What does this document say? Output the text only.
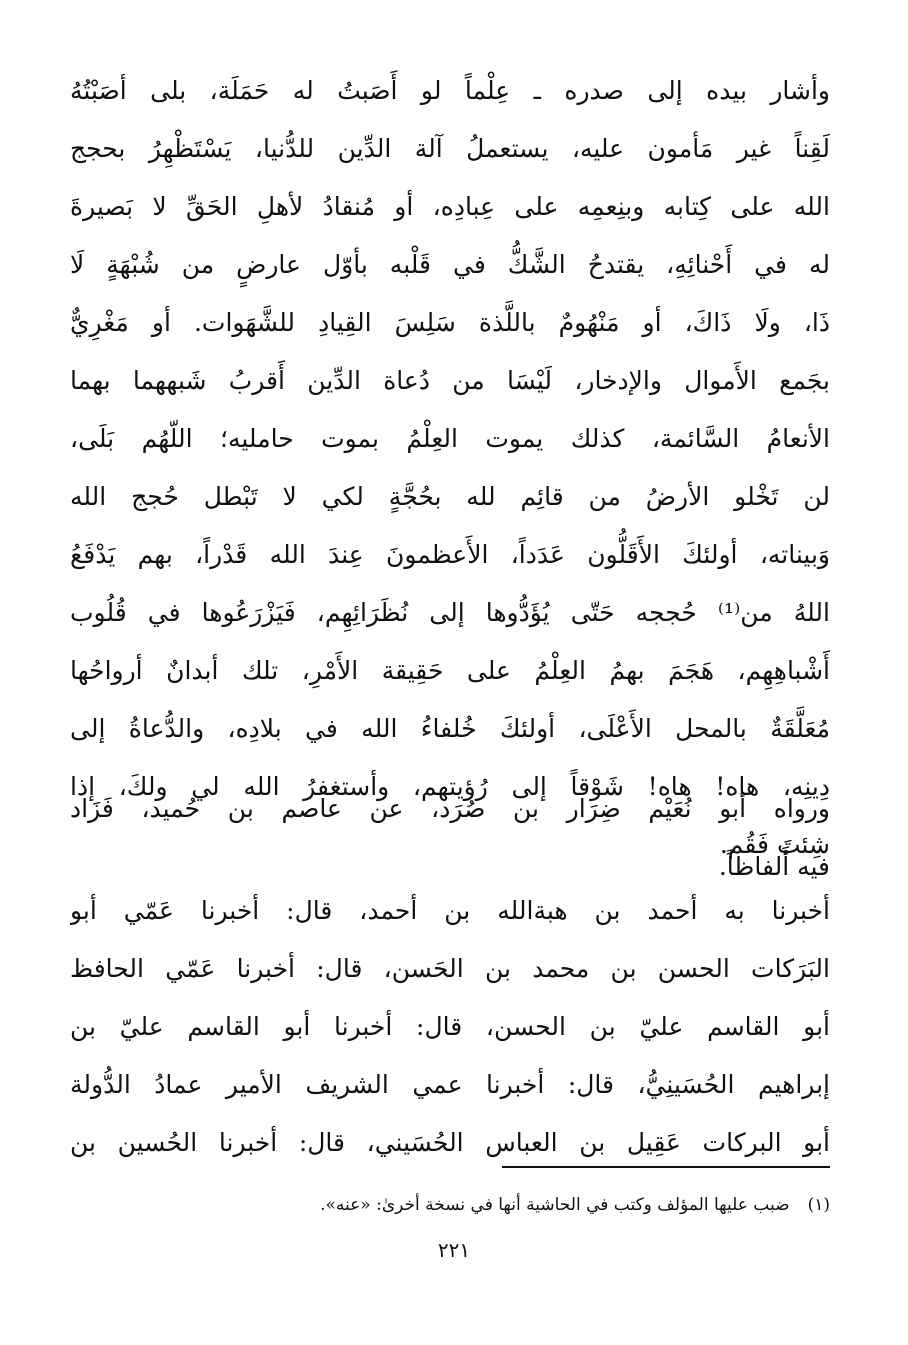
وأشار بيده إلى صدره ـ عِلْماً لو أَصَبتُ له حَمَلَة، بلى أصَبْتُهُ
لَقِناً غير مَأمون عليه، يستعملُ آلة الدِّين للدُّنيا، يَسْتَظْهِرُ بحجج
الله على كِتابه وبنِعمِه على عِبادِه، أو مُنقادُ لأهلِ الحَقِّ لا بَصيرةَ
له في أَحْنائِهِ، يقتدحُ الشَّكُّ في قَلْبه بأوّل عارضٍ من شُبْهَةٍ لَا
ذَا، ولَا ذَاكَ، أو مَنْهُومٌ باللَّذة سَلِسَ القِيادِ للشَّهَوات. أو مَغْرِيٌّ
بجَمع الأَموال والإدخار، لَيْسَا من دُعاة الدِّين أَقربُ شَبههما بهما
الأنعامُ السَّائمة، كذلك يموت العِلْمُ بموت حامليه؛ اللّهُم بَلَى،
لن تَخْلو الأرضُ من قائِم لله بحُجَّةٍ لكي لا تَبْطل حُجج الله
وَبيناته، أولئكَ الأَقَلُّون عَدَداً، الأَعظمونَ عِندَ الله قَدْراً، بهم يَدْفَعُ
اللهُ من⁽¹⁾ حُججه حَتّى يُؤَدُّوها إلى نُظَرَائِهِم، فَيَزْرَعُوها في قُلُوب
أَشْباهِهِم، هَجَمَ بهمُ العِلْمُ على حَقِيقة الأَمْرِ، تلك أبدانٌ أرواحُها
مُعَلَّقَةٌ بالمحل الأَعْلَى، أولئكَ خُلفاءُ الله في بلادِه، والدُّعاةُ إلى
دِينِه، هاه! هاه! شَوْقاً إلى رُؤيتهم، وأستغفرُ الله لي ولكَ، إذا
شِئتَ فَقُم.
ورواه أبو نُعَيْم ضِرَار بن صُرَد، عن عاصم بن حُميد، فَزَاد
فيه أَلفاظاً.
أخبرنا به أحمد بن هبةالله بن أحمد، قال: أخبرنا عَمّي أبو
البَرَكات الحسن بن محمد بن الحَسن، قال: أخبرنا عَمّي الحافظ
أبو القاسم عليّ بن الحسن، قال: أخبرنا أبو القاسم عليّ بن
إبراهيم الحُسَينِيُّ، قال: أخبرنا عمي الشريف الأمير عمادُ الدُّولة
أبو البركات عَقِيل بن العباس الحُسَيني، قال: أخبرنا الحُسين بن
(١)ضبب عليها المؤلف وكتب في الحاشية أنها في نسخة أخرىٰ: «عنه».
٢٢١
